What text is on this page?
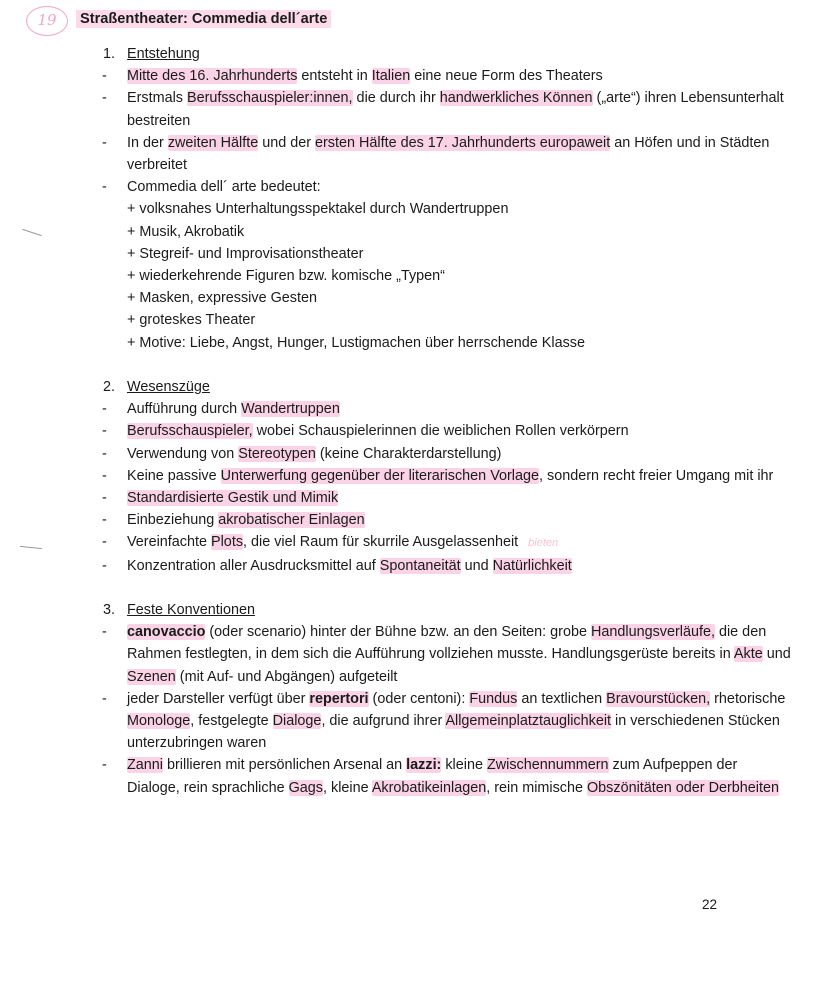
19	Straßentheater: Commedia dell´arte
1. Entstehung
- Mitte des 16. Jahrhunderts entsteht in Italien eine neue Form des Theaters
- Erstmals Berufsschauspieler:innen, die durch ihr handwerkliches Können („arte“) ihren Lebensunterhalt bestreiten
- In der zweiten Hälfte und der ersten Hälfte des 17. Jahrhunderts europaweit an Höfen und in Städten verbreitet
- Commedia dell´ arte bedeutet:
+ volksnahes Unterhaltungsspektakel durch Wandertruppen
+ Musik, Akrobatik
+ Stegreif- und Improvisationstheater
+ wiederkehrende Figuren bzw. komische „Typen“
+ Masken, expressive Gesten
+ groteskes Theater
+ Motive: Liebe, Angst, Hunger, Lustigmachen über herrschende Klasse
2. Wesenszüge
- Aufführung durch Wandertruppen
- Berufsschauspieler, wobei Schauspielerinnen die weiblichen Rollen verkörpern
- Verwendung von Stereotypen (keine Charakterdarstellung)
- Keine passive Unterwerfung gegenüber der literarischen Vorlage, sondern recht freier Umgang mit ihr
- Standardisierte Gestik und Mimik
- Einbeziehung akrobatischer Einlagen
- Vereinfachte Plots, die viel Raum für skurrile Ausgelassenheit bieten
- Konzentration aller Ausdrucksmittel auf Spontaneität und Natürlichkeit
3. Feste Konventionen
- canovaccio (oder scenario) hinter der Bühne bzw. an den Seiten: grobe Handlungsverläufe, die den Rahmen festlegten, in dem sich die Aufführung vollziehen musste. Handlungsgerüste bereits in Akte und Szenen (mit Auf- und Abgängen) aufgeteilt
- jeder Darsteller verfügt über repertori (oder centoni): Fundus an textlichen Bravourstücken, rhetorische Monologe, festgelegte Dialoge, die aufgrund ihrer Allgemeinplatztauglichkeit in verschiedenen Stücken unterzubringen waren
- Zanni brillieren mit persönlichen Arsenal an lazzi: kleine Zwischennummern zum Aufpeppen der Dialoge, rein sprachliche Gags, kleine Akrobatikeinlagen, rein mimische Obszönitäten oder Derbheiten
22
